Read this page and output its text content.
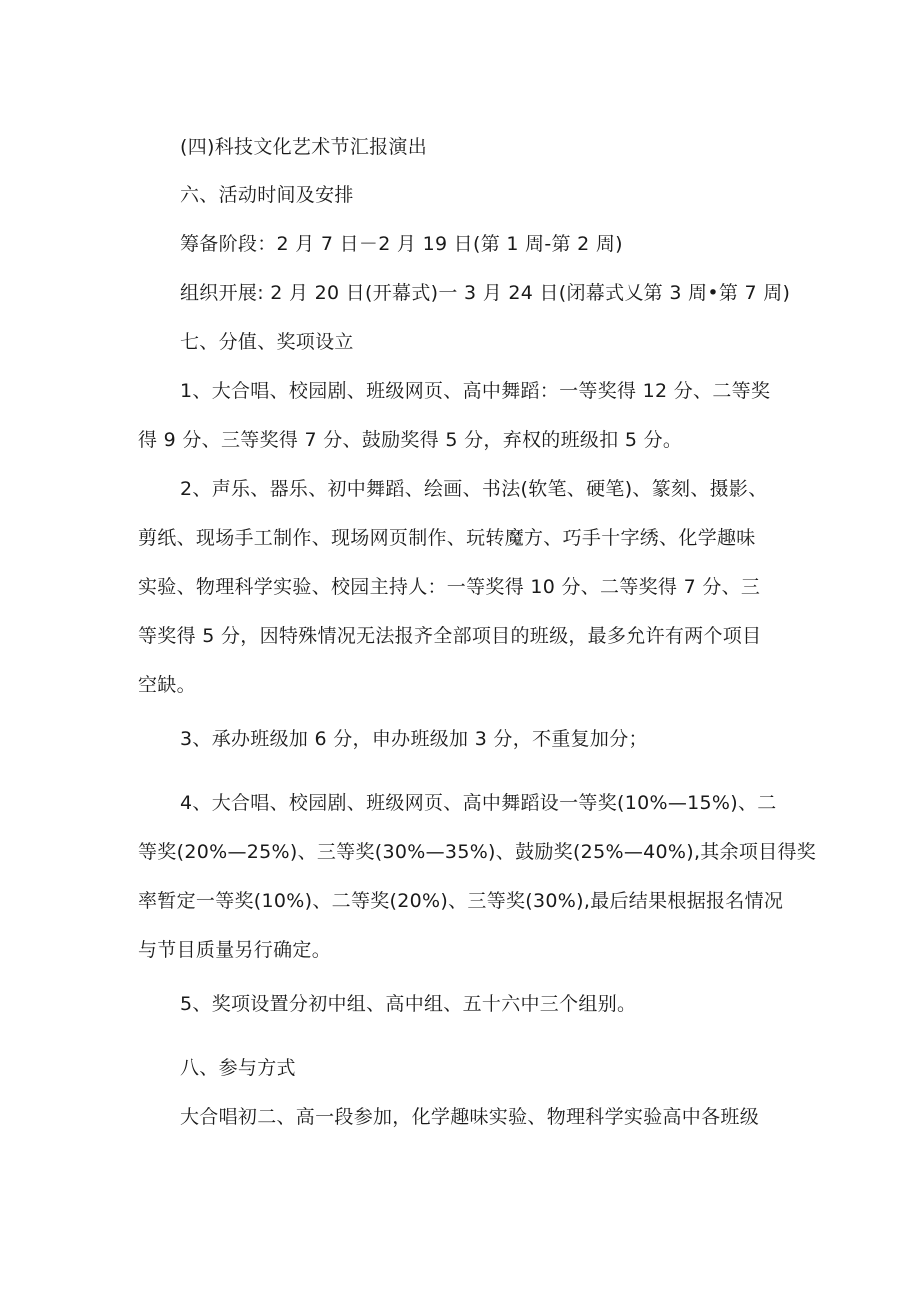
(四)科技文化艺术节汇报演出
六、活动时间及安排
筹备阶段：2 月 7 日－2 月 19 日(第 1 周-第 2 周)
组织开展: 2 月 20 日(开幕式)一 3 月 24 日(闭幕式乂第 3 周•第 7 周)
七、分值、奖项设立
1、大合唱、校园剧、班级网页、高中舞蹈：一等奖得 12 分、二等奖
得 9 分、三等奖得 7 分、鼓励奖得 5 分，弃权的班级扣 5 分。
2、声乐、器乐、初中舞蹈、绘画、书法(软笔、硬笔)、篆刻、摄影、
剪纸、现场手工制作、现场网页制作、玩转魔方、巧手十字绣、化学趣味
实验、物理科学实验、校园主持人：一等奖得 10 分、二等奖得 7 分、三
等奖得 5 分，因特殊情况无法报齐全部项目的班级，最多允许有两个项目
空缺。
3、承办班级加 6 分，申办班级加 3 分，不重复加分；
4、大合唱、校园剧、班级网页、高中舞蹈设一等奖(10%—15%)、二
等奖(20%—25%)、三等奖(30%—35%)、鼓励奖(25%—40%),其余项目得奖
率暂定一等奖(10%)、二等奖(20%)、三等奖(30%),最后结果根据报名情况
与节目质量另行确定。
5、奖项设置分初中组、高中组、五十六中三个组别。
八、参与方式
大合唱初二、高一段参加，化学趣味实验、物理科学实验高中各班级
